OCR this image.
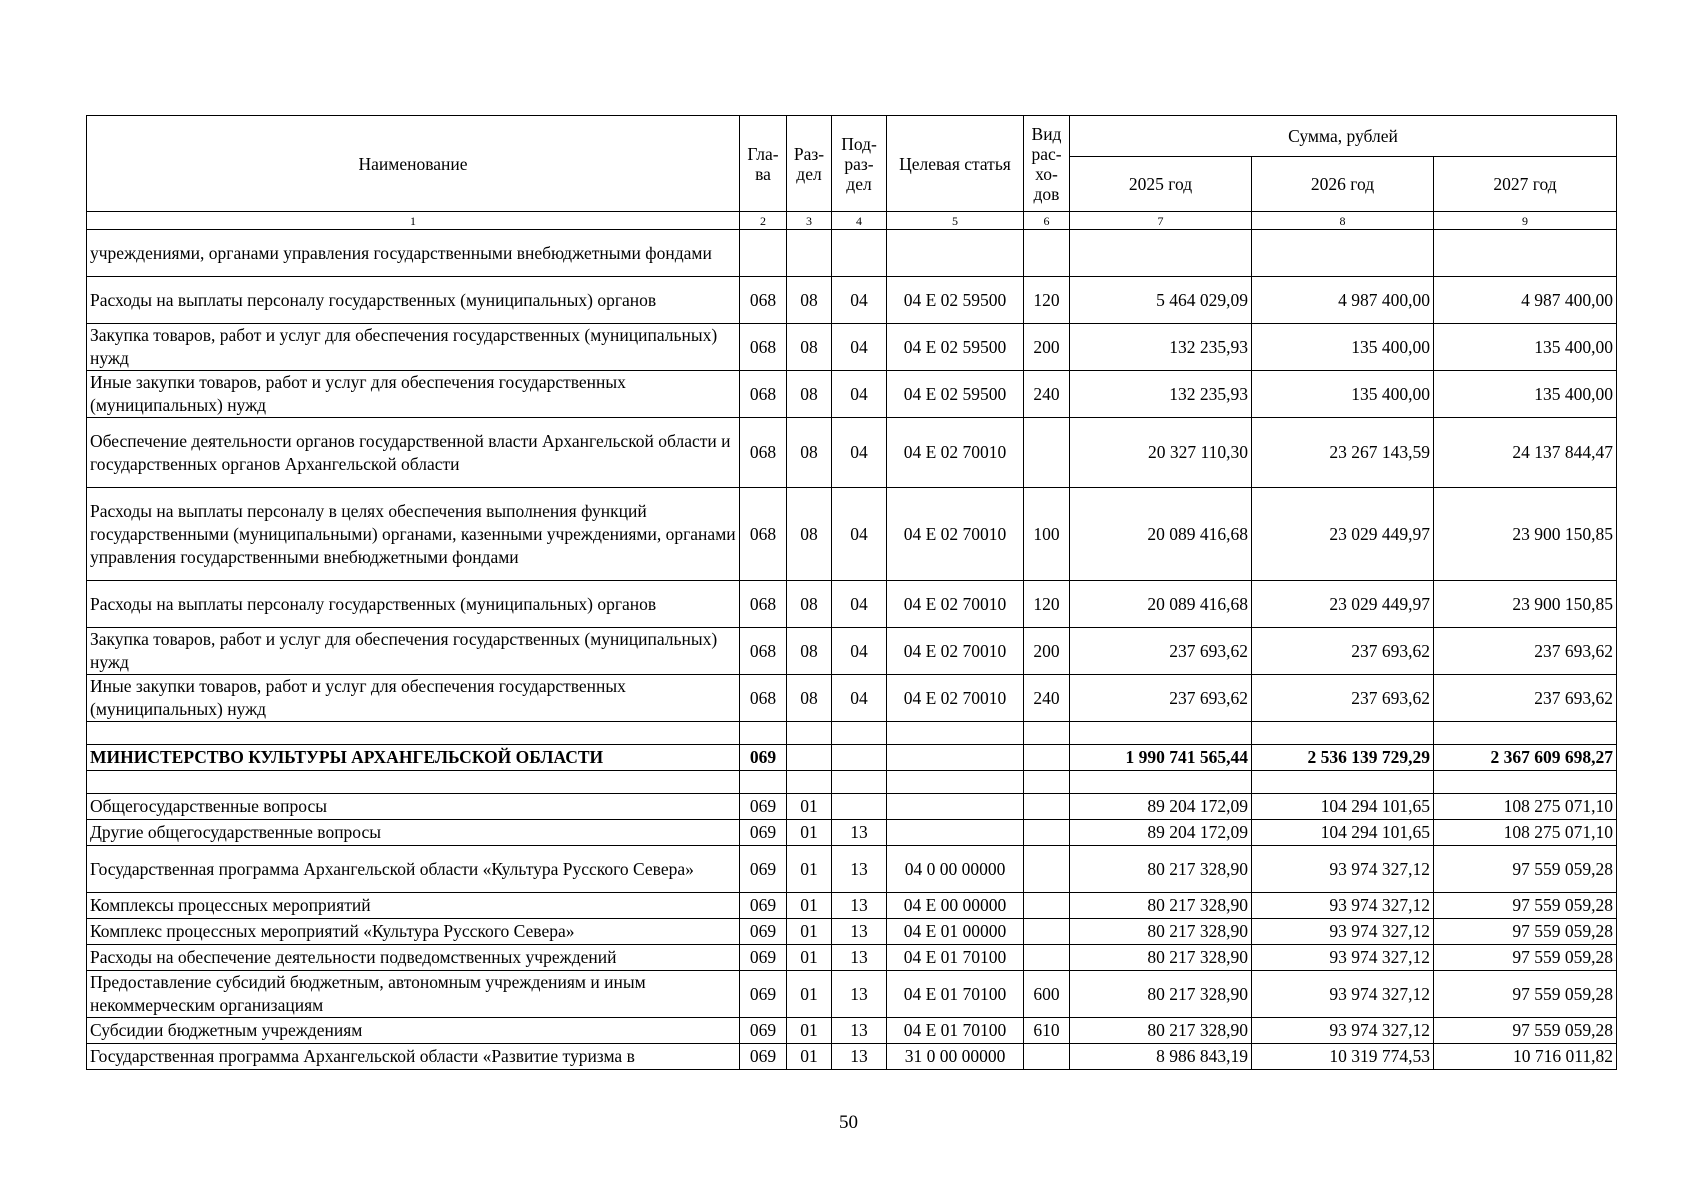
Наименование	Гла-ва	Раз-дел	Под-раз-дел	Целевая статья	Вид рас-хо-дов	Сумма, рублей		
						2025 год	2026 год	2027 год
1	2	3	4	5	6	7	8	9
учреждениями, органами управления государственными внебюджетными фондами								
Расходы на выплаты персоналу государственных (муниципальных) органов	068	08	04	04 Е 02 59500	120	5 464 029,09	4 987 400,00	4 987 400,00
Закупка товаров, работ и услуг для обеспечения государственных (муниципальных) нужд	068	08	04	04 Е 02 59500	200	132 235,93	135 400,00	135 400,00
Иные закупки товаров, работ и услуг для обеспечения государственных (муниципальных) нужд	068	08	04	04 Е 02 59500	240	132 235,93	135 400,00	135 400,00
Обеспечение деятельности органов государственной власти Архангельской области и государственных органов Архангельской области	068	08	04	04 Е 02 70010		20 327 110,30	23 267 143,59	24 137 844,47
Расходы на выплаты персоналу в целях обеспечения выполнения функций государственными (муниципальными) органами, казенными учреждениями, органами управления государственными внебюджетными фондами	068	08	04	04 Е 02 70010	100	20 089 416,68	23 029 449,97	23 900 150,85
Расходы на выплаты персоналу государственных (муниципальных) органов	068	08	04	04 Е 02 70010	120	20 089 416,68	23 029 449,97	23 900 150,85
Закупка товаров, работ и услуг для обеспечения государственных (муниципальных) нужд	068	08	04	04 Е 02 70010	200	237 693,62	237 693,62	237 693,62
Иные закупки товаров, работ и услуг для обеспечения государственных (муниципальных) нужд	068	08	04	04 Е 02 70010	240	237 693,62	237 693,62	237 693,62

МИНИСТЕРСТВО КУЛЬТУРЫ АРХАНГЕЛЬСКОЙ ОБЛАСТИ	069					1 990 741 565,44	2 536 139 729,29	2 367 609 698,27

Общегосударственные вопросы	069	01				89 204 172,09	104 294 101,65	108 275 071,10
Другие общегосударственные вопросы	069	01	13			89 204 172,09	104 294 101,65	108 275 071,10
Государственная программа Архангельской области «Культура Русского Севера»	069	01	13	04 0 00 00000		80 217 328,90	93 974 327,12	97 559 059,28
Комплексы процессных мероприятий	069	01	13	04 Е 00 00000		80 217 328,90	93 974 327,12	97 559 059,28
Комплекс процессных мероприятий «Культура Русского Севера»	069	01	13	04 Е 01 00000		80 217 328,90	93 974 327,12	97 559 059,28
Расходы на обеспечение деятельности подведомственных учреждений	069	01	13	04 Е 01 70100		80 217 328,90	93 974 327,12	97 559 059,28
Предоставление субсидий бюджетным, автономным учреждениям и иным некоммерческим организациям	069	01	13	04 Е 01 70100	600	80 217 328,90	93 974 327,12	97 559 059,28
Субсидии бюджетным учреждениям	069	01	13	04 Е 01 70100	610	80 217 328,90	93 974 327,12	97 559 059,28
Государственная программа Архангельской области «Развитие туризма в	069	01	13	31 0 00 00000		8 986 843,19	10 319 774,53	10 716 011,82
50
